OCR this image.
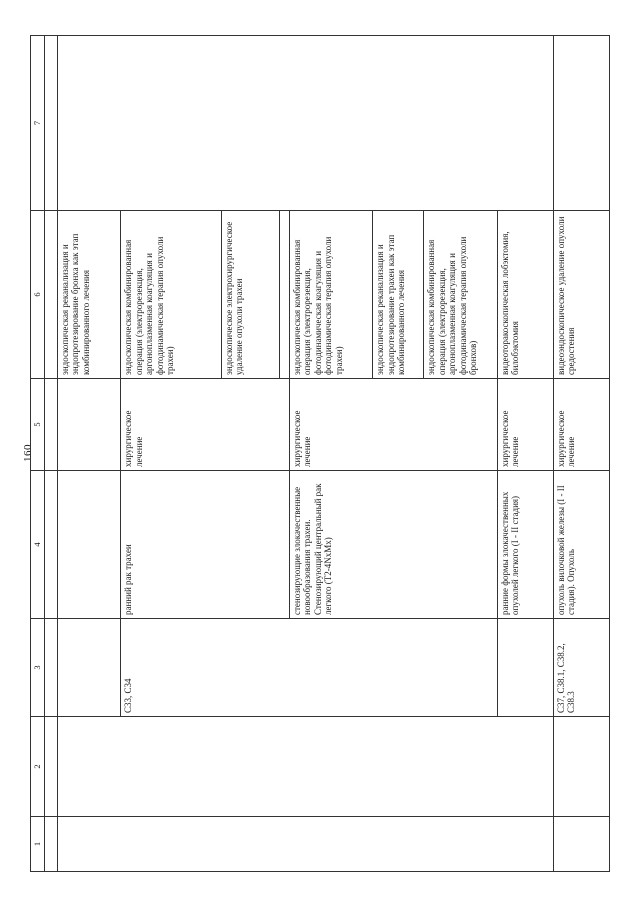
160
1	2	3	4	5	6	7

					эндоскопическая реканализация и эндопротезирование бронха как этап комбинированного лечения	
		C33, C34	ранний рак трахеи	хирургическое лечение	эндоскопическая комбинированная операция (электрорезекция, аргоноплазменная коагуляция и фотодинамическая терапия опухоли трахеи)	
					эндоскопическое электрохирургическое удаление опухоли трахеи	

			стенозирующие злокачественные новообразования трахеи. Стенозирующий центральный рак легкого (T2-4NxMx)	хирургическое лечение	эндоскопическая комбинированная операция (электрорезекция, фотодинамическая коагуляция и фотодинамическая терапия опухоли трахеи)	
					эндоскопическая реканализация и эндопротезирование трахеи как этап комбинированного лечения	
					эндоскопическая комбинированная операция (электрорезекция, аргоноплазменная коагуляция и фотодинамическая терапия опухоли бронхов)	
			ранние формы злокачественных опухолей легкого (I - II стадия)	хирургическое лечение	видеоторакоскопическая лобэктомия, билобэктомия	
		C37, C38.1, C38.2, C38.3	опухоль вилочковой железы (I - II стадия). Опухоль	хирургическое лечение	видеоэндоскопическое удаление опухоли средостения	
